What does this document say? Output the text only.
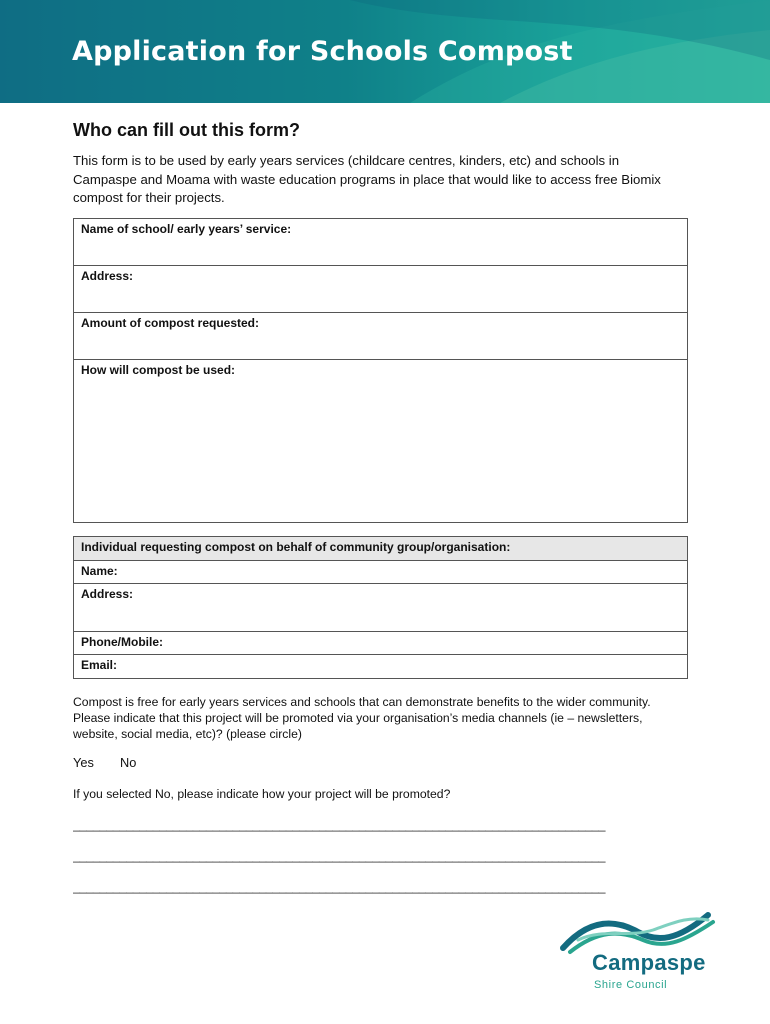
Application for Schools Compost
Who can fill out this form?

This form is to be used by early years services (childcare centres, kinders, etc) and schools in Campaspe and Moama with waste education programs in place that would like to access free Biomix compost for their projects.

Name of school/ early years’ service:
Address:
Amount of compost requested:
How will compost be used:
Individual requesting compost on behalf of community group/organisation:
Name:
Address:
Phone/Mobile:
Email:

Compost is free for early years services and schools that can demonstrate benefits to the wider community. Please indicate that this project will be promoted via your organisation’s media channels (ie – newsletters, website, social media, etc)? (please circle)

Yes No

If you selected No, please indicate how your project will be promoted?

________________________________________________________________________________
________________________________________________________________________________
________________________________________________________________________________
Campaspe
Shire Council
